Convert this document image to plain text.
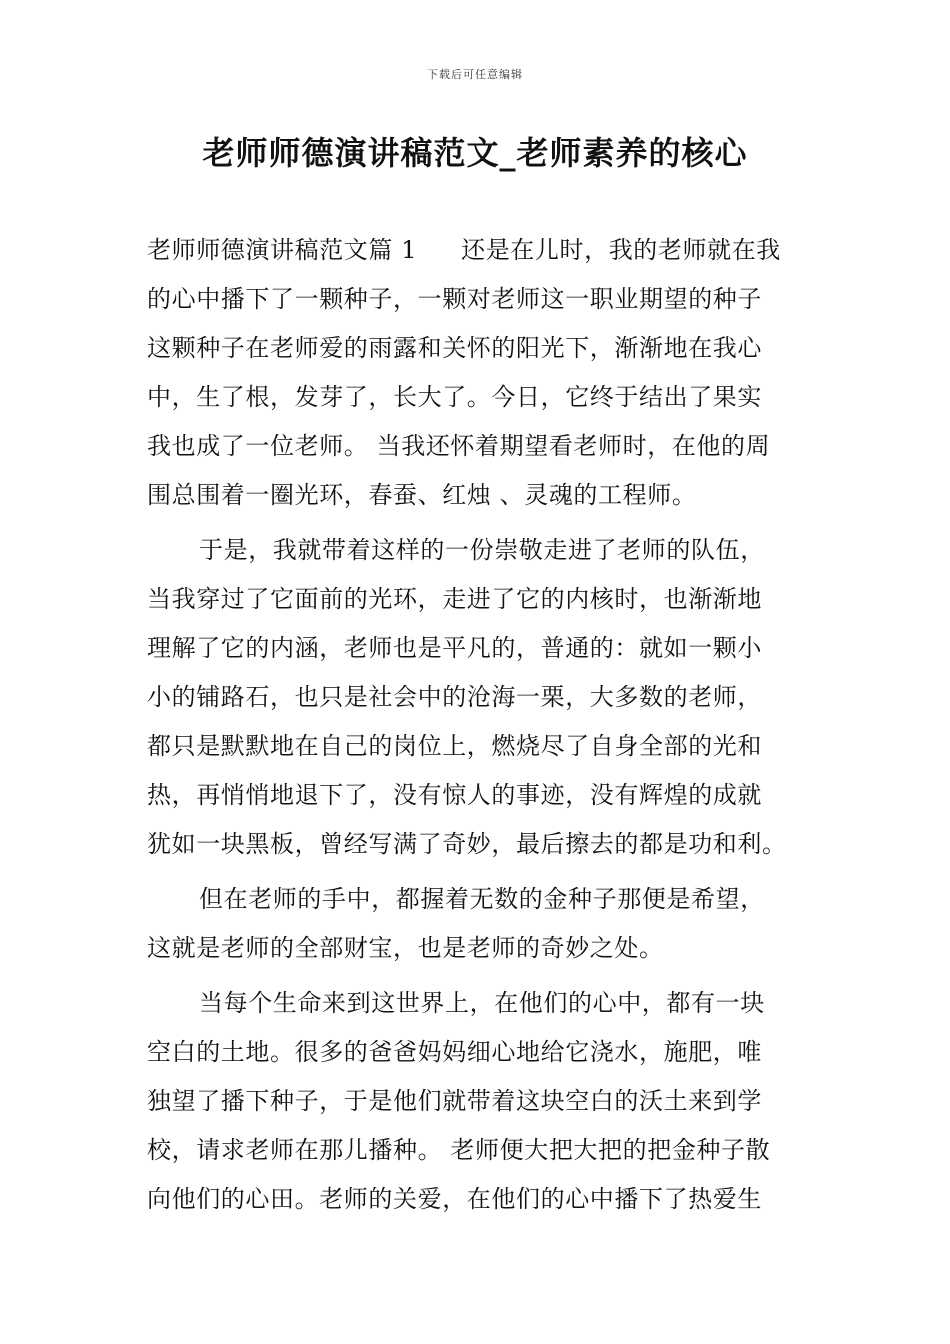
下载后可任意编辑
老师师德演讲稿范文_老师素养的核心
老师师德演讲稿范文篇 1 还是在儿时，我的老师就在我
的心中播下了一颗种子，一颗对老师这一职业期望的种子
这颗种子在老师爱的雨露和关怀的阳光下，渐渐地在我心
中，生了根，发芽了，长大了。今日，它终于结出了果实
我也成了一位老师。 当我还怀着期望看老师时，在他的周
围总围着一圈光环，春蚕、红烛 、灵魂的工程师。
于是，我就带着这样的一份崇敬走进了老师的队伍，
当我穿过了它面前的光环，走进了它的内核时，也渐渐地
理解了它的内涵，老师也是平凡的，普通的：就如一颗小
小的铺路石，也只是社会中的沧海一栗，大多数的老师，
都只是默默地在自己的岗位上，燃烧尽了自身全部的光和
热，再悄悄地退下了，没有惊人的事迹，没有辉煌的成就
犹如一块黑板，曾经写满了奇妙，最后擦去的都是功和利。
但在老师的手中，都握着无数的金种子那便是希望，
这就是老师的全部财宝，也是老师的奇妙之处。
当每个生命来到这世界上，在他们的心中，都有一块
空白的土地。很多的爸爸妈妈细心地给它浇水，施肥，唯
独望了播下种子，于是他们就带着这块空白的沃土来到学
校，请求老师在那儿播种。 老师便大把大把的把金种子散
向他们的心田。老师的关爱，在他们的心中播下了热爱生
